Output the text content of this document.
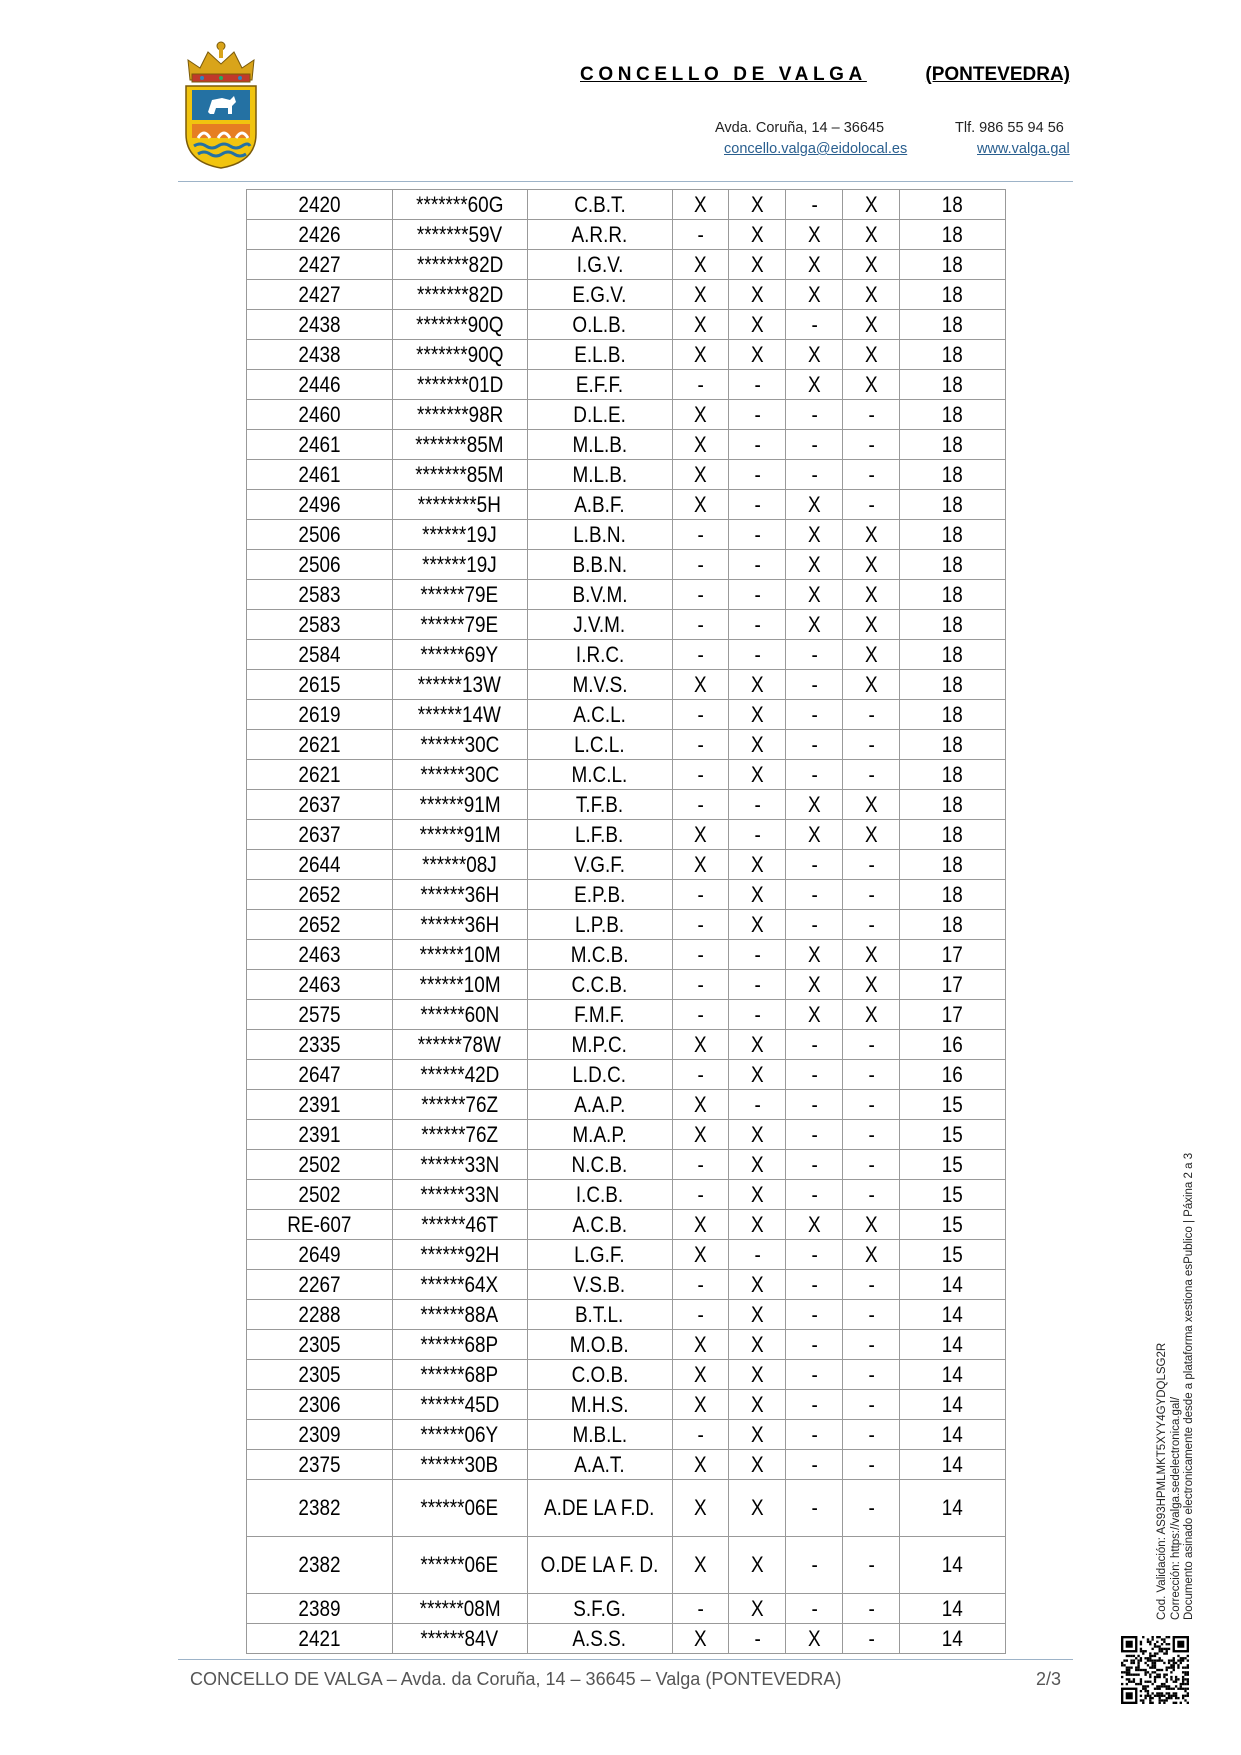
CONCELLO DE VALGA	(PONTEVEDRA)
Avda. Coruña, 14 – 36645	Tlf. 986 55 94 56
concello.valga@eidolocal.es	www.valga.gal
2420	*******60G	C.B.T.	X	X	-	X	18
2426	*******59V	A.R.R.	-	X	X	X	18
2427	*******82D	I.G.V.	X	X	X	X	18
2427	*******82D	E.G.V.	X	X	X	X	18
2438	*******90Q	O.L.B.	X	X	-	X	18
2438	*******90Q	E.L.B.	X	X	X	X	18
2446	*******01D	E.F.F.	-	-	X	X	18
2460	*******98R	D.L.E.	X	-	-	-	18
2461	*******85M	M.L.B.	X	-	-	-	18
2461	*******85M	M.L.B.	X	-	-	-	18
2496	********5H	A.B.F.	X	-	X	-	18
2506	******19J	L.B.N.	-	-	X	X	18
2506	******19J	B.B.N.	-	-	X	X	18
2583	******79E	B.V.M.	-	-	X	X	18
2583	******79E	J.V.M.	-	-	X	X	18
2584	******69Y	I.R.C.	-	-	-	X	18
2615	******13W	M.V.S.	X	X	-	X	18
2619	******14W	A.C.L.	-	X	-	-	18
2621	******30C	L.C.L.	-	X	-	-	18
2621	******30C	M.C.L.	-	X	-	-	18
2637	******91M	T.F.B.	-	-	X	X	18
2637	******91M	L.F.B.	X	-	X	X	18
2644	******08J	V.G.F.	X	X	-	-	18
2652	******36H	E.P.B.	-	X	-	-	18
2652	******36H	L.P.B.	-	X	-	-	18
2463	******10M	M.C.B.	-	-	X	X	17
2463	******10M	C.C.B.	-	-	X	X	17
2575	******60N	F.M.F.	-	-	X	X	17
2335	******78W	M.P.C.	X	X	-	-	16
2647	******42D	L.D.C.	-	X	-	-	16
2391	******76Z	A.A.P.	X	-	-	-	15
2391	******76Z	M.A.P.	X	X	-	-	15
2502	******33N	N.C.B.	-	X	-	-	15
2502	******33N	I.C.B.	-	X	-	-	15
RE-607	******46T	A.C.B.	X	X	X	X	15
2649	******92H	L.G.F.	X	-	-	X	15
2267	******64X	V.S.B.	-	X	-	-	14
2288	******88A	B.T.L.	-	X	-	-	14
2305	******68P	M.O.B.	X	X	-	-	14
2305	******68P	C.O.B.	X	X	-	-	14
2306	******45D	M.H.S.	X	X	-	-	14
2309	******06Y	M.B.L.	-	X	-	-	14
2375	******30B	A.A.T.	X	X	-	-	14
2382	******06E	A.DE LA F.D.	X	X	-	-	14
2382	******06E	O.DE LA F. D.	X	X	-	-	14
2389	******08M	S.F.G.	-	X	-	-	14
2421	******84V	A.S.S.	X	-	X	-	14
CONCELLO DE VALGA – Avda. da Coruña, 14 – 36645 – Valga (PONTEVEDRA)	2/3
Cod. Validación: AS93HPMLMKT5XYY4GYDQLSG2R Corrección: https://valga.sedelectronica.gal/ Documento asinado electronicamente desde a plataforma xestiona esPublico | Páxina 2 a 3
